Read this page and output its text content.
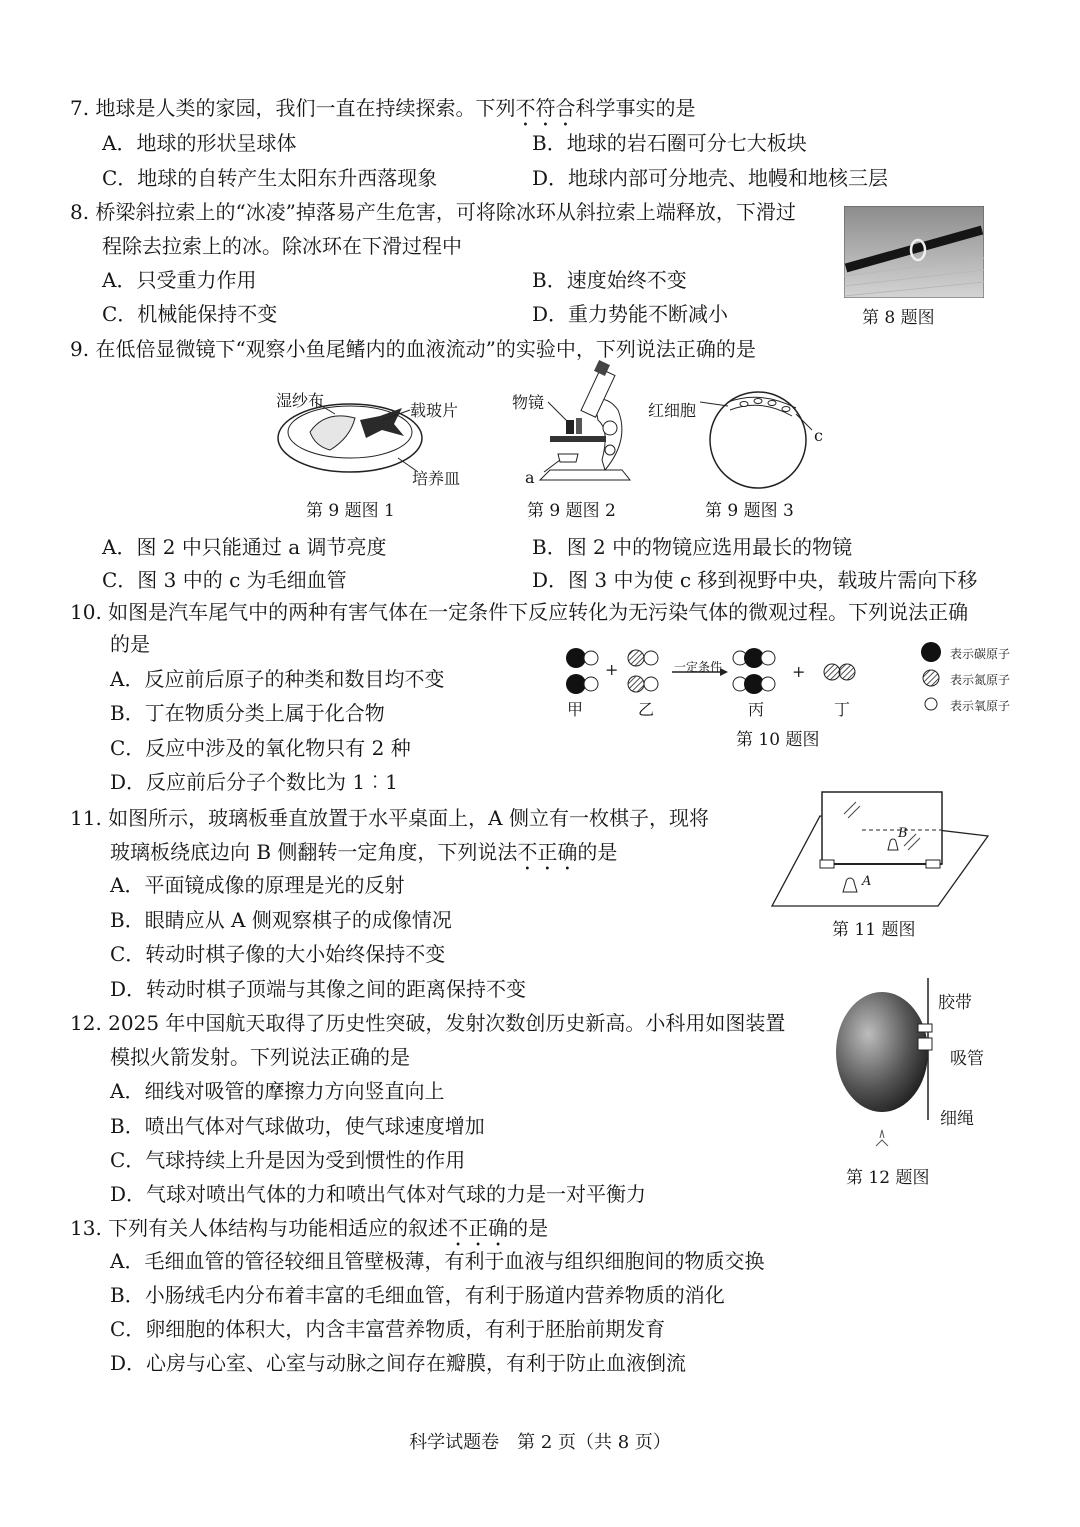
7. 地球是人类的家园，我们一直在持续探索。下列不符合科学事实的是
A．地球的形状呈球体	B．地球的岩石圈可分七大板块
C．地球的自转产生太阳东升西落现象	D．地球内部可分地壳、地幔和地核三层
8. 桥梁斜拉索上的“冰凌”掉落易产生危害，可将除冰环从斜拉索上端释放，下滑过
程除去拉索上的冰。除冰环在下滑过程中
A．只受重力作用	B．速度始终不变
C．机械能保持不变	D．重力势能不断减小	第 8 题图
9. 在低倍显微镜下“观察小鱼尾鳍内的血液流动”的实验中，下列说法正确的是
湿纱布
载玻片
培养皿
第 9 题图 1
物镜
a
第 9 题图 2
红细胞
c
第 9 题图 3
A．图 2 中只能通过 a 调节亮度	B．图 2 中的物镜应选用最长的物镜
C．图 3 中的 c 为毛细血管	D．图 3 中为使 c 移到视野中央，载玻片需向下移
10. 如图是汽车尾气中的两种有害气体在一定条件下反应转化为无污染气体的微观过程。下列说法正确
的是
+	+
一定条件
甲	乙	丙	丁
第 10 题图
表示碳原子
表示氮原子
表示氧原子
A．反应前后原子的种类和数目均不变
B．丁在物质分类上属于化合物
C．反应中涉及的氧化物只有 2 种
D．反应前后分子个数比为 1︰1
11. 如图所示，玻璃板垂直放置于水平桌面上，A 侧立有一枚棋子，现将
玻璃板绕底边向 B 侧翻转一定角度，下列说法不正确的是
A．平面镜成像的原理是光的反射
B．眼睛应从 A 侧观察棋子的成像情况
C．转动时棋子像的大小始终保持不变
D．转动时棋子顶端与其像之间的距离保持不变
B
A
第 11 题图
12. 2025 年中国航天取得了历史性突破，发射次数创历史新高。小科用如图装置
模拟火箭发射。下列说法正确的是
A．细线对吸管的摩擦力方向竖直向上
B．喷出气体对气球做功，使气球速度增加
C．气球持续上升是因为受到惯性的作用
D．气球对喷出气体的力和喷出气体对气球的力是一对平衡力
胶带
吸管
细绳
第 12 题图
13. 下列有关人体结构与功能相适应的叙述不正确的是
A．毛细血管的管径较细且管壁极薄，有利于血液与组织细胞间的物质交换
B．小肠绒毛内分布着丰富的毛细血管，有利于肠道内营养物质的消化
C．卵细胞的体积大，内含丰富营养物质，有利于胚胎前期发育
D．心房与心室、心室与动脉之间存在瓣膜，有利于防止血液倒流
科学试题卷　第 2 页（共 8 页）
